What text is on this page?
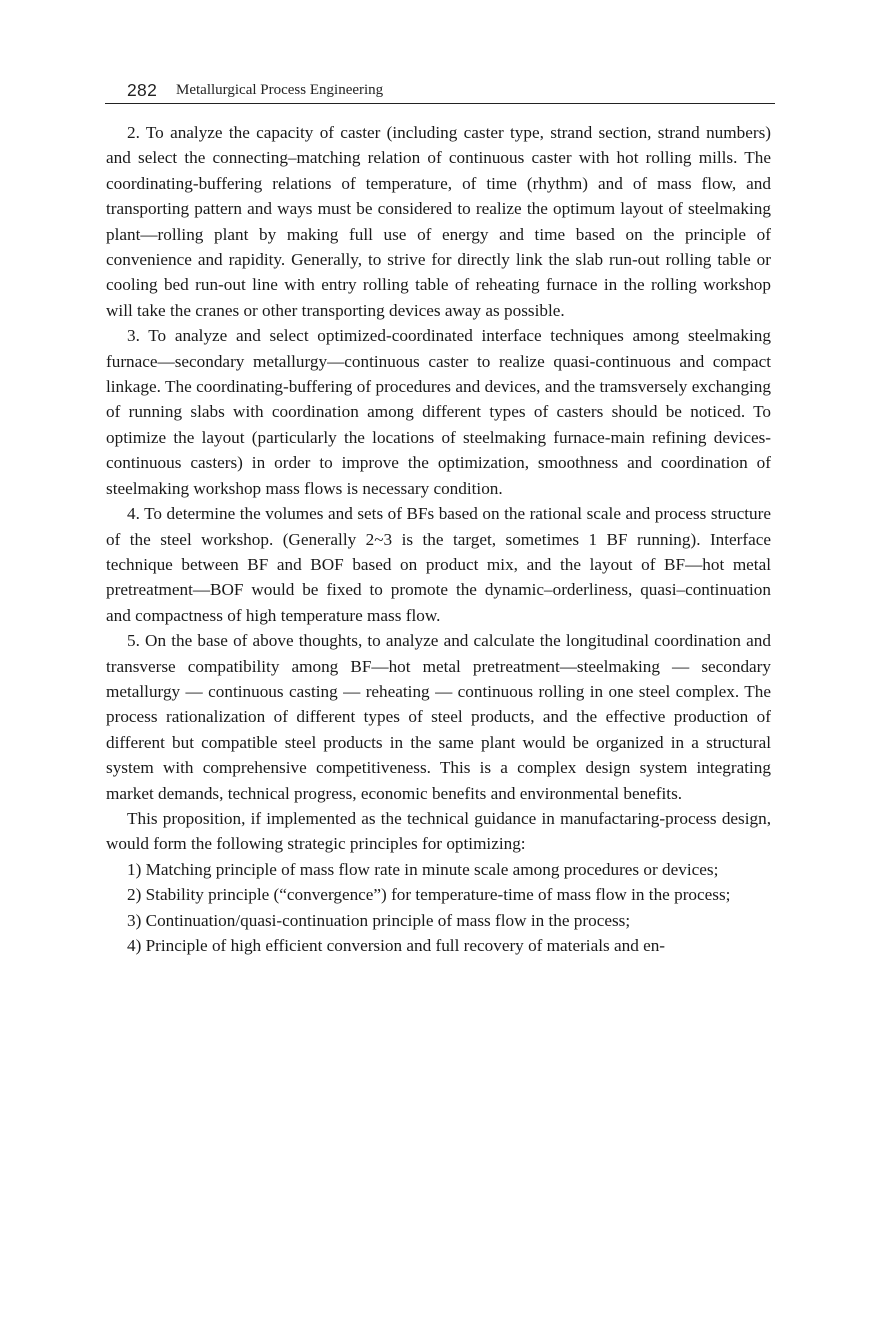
282 Metallurgical Process Engineering

2. To analyze the capacity of caster (including caster type, strand section, strand numbers) and select the connecting–matching relation of continuous caster with hot rolling mills. The coordinating-buffering relations of temperature, of time (rhythm) and of mass flow, and transporting pattern and ways must be considered to realize the optimum layout of steelmaking plant—rolling plant by making full use of energy and time based on the principle of convenience and rapidity. Generally, to strive for directly link the slab run-out rolling table or cooling bed run-out line with entry rolling table of reheating furnace in the rolling workshop will take the cranes or other transporting devices away as possible.

3. To analyze and select optimized-coordinated interface techniques among steelmaking furnace—secondary metallurgy—continuous caster to realize quasi-continuous and compact linkage. The coordinating-buffering of procedures and devices, and the tramsversely exchanging of running slabs with coordination among different types of casters should be noticed. To optimize the layout (particularly the locations of steelmaking furnace-main refining devices-continuous casters) in order to improve the optimization, smoothness and coordination of steelmaking workshop mass flows is necessary condition.

4. To determine the volumes and sets of BFs based on the rational scale and process structure of the steel workshop. (Generally 2~3 is the target, sometimes 1 BF running). Interface technique between BF and BOF based on product mix, and the layout of BF—hot metal pretreatment—BOF would be fixed to promote the dynamic–orderliness, quasi–continuation and compactness of high temperature mass flow.

5. On the base of above thoughts, to analyze and calculate the longitudinal coordination and transverse compatibility among BF—hot metal pretreatment—steelmaking — secondary metallurgy — continuous casting — reheating — continuous rolling in one steel complex. The process rationalization of different types of steel products, and the effective production of different but compatible steel products in the same plant would be organized in a structural system with comprehensive competitiveness. This is a complex design system integrating market demands, technical progress, economic benefits and environmental benefits.

This proposition, if implemented as the technical guidance in manufactaring-process design, would form the following strategic principles for optimizing:

1) Matching principle of mass flow rate in minute scale among procedures or devices;

2) Stability principle (“convergence”) for temperature-time of mass flow in the process;

3) Continuation/quasi-continuation principle of mass flow in the process;

4) Principle of high efficient conversion and full recovery of materials and en-
